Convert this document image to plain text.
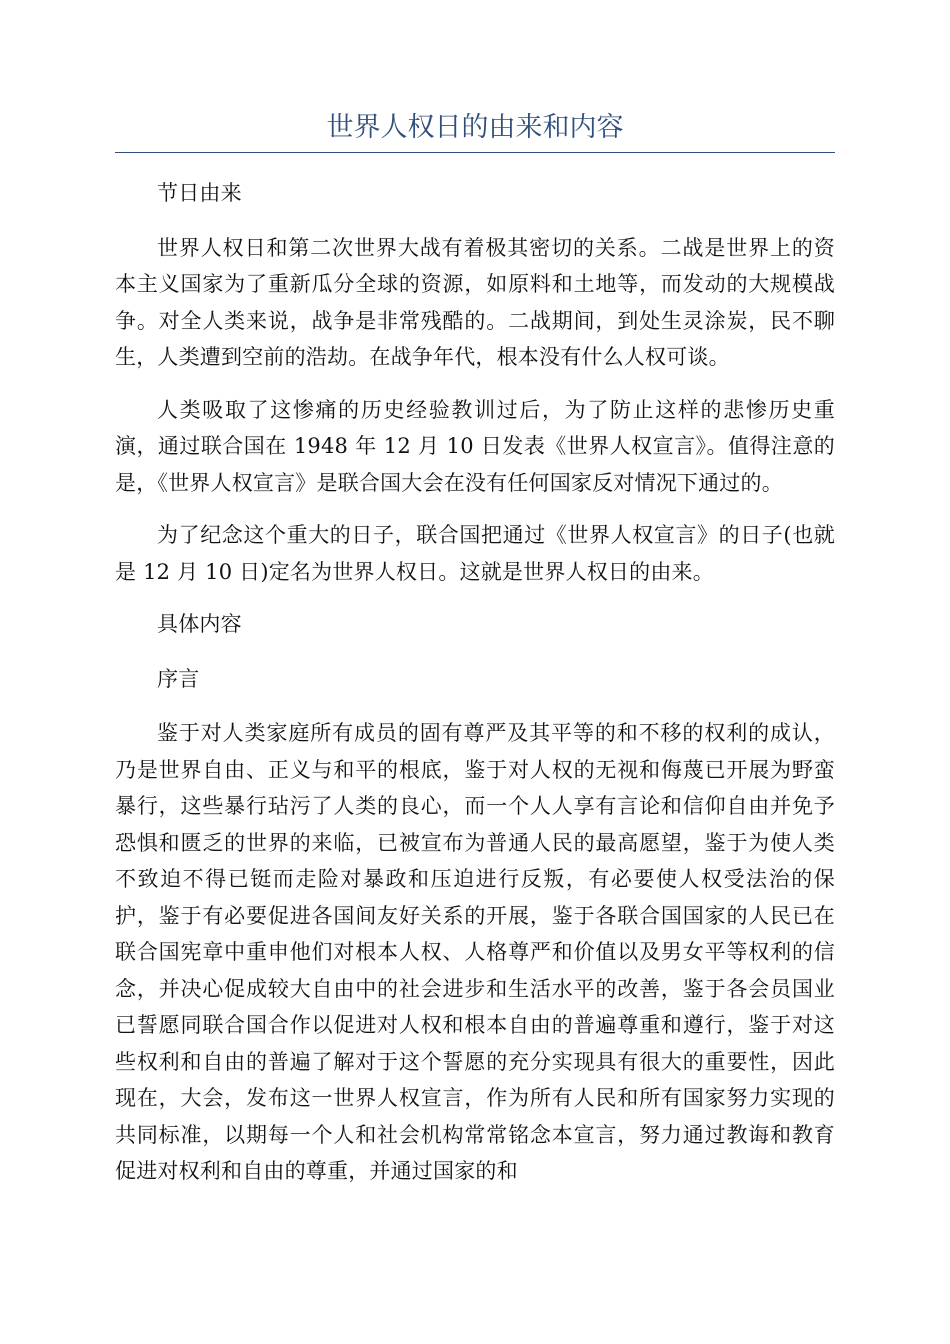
世界人权日的由来和内容

节日由来

世界人权日和第二次世界大战有着极其密切的关系。二战是世界上的资本主义国家为了重新瓜分全球的资源，如原料和土地等，而发动的大规模战争。对全人类来说，战争是非常残酷的。二战期间，到处生灵涂炭，民不聊生，人类遭到空前的浩劫。在战争年代，根本没有什么人权可谈。

人类吸取了这惨痛的历史经验教训过后，为了防止这样的悲惨历史重演，通过联合国在 1948 年 12 月 10 日发表《世界人权宣言》。值得注意的是，《世界人权宣言》是联合国大会在没有任何国家反对情况下通过的。

为了纪念这个重大的日子，联合国把通过《世界人权宣言》的日子(也就是 12 月 10 日)定名为世界人权日。这就是世界人权日的由来。

具体内容

序言

鉴于对人类家庭所有成员的固有尊严及其平等的和不移的权利的成认，乃是世界自由、正义与和平的根底，鉴于对人权的无视和侮蔑已开展为野蛮暴行，这些暴行玷污了人类的良心，而一个人人享有言论和信仰自由并免予恐惧和匮乏的世界的来临，已被宣布为普通人民的最高愿望，鉴于为使人类不致迫不得已铤而走险对暴政和压迫进行反叛，有必要使人权受法治的保护，鉴于有必要促进各国间友好关系的开展，鉴于各联合国国家的人民已在联合国宪章中重申他们对根本人权、人格尊严和价值以及男女平等权利的信念，并决心促成较大自由中的社会进步和生活水平的改善，鉴于各会员国业已誓愿同联合国合作以促进对人权和根本自由的普遍尊重和遵行，鉴于对这些权利和自由的普遍了解对于这个誓愿的充分实现具有很大的重要性，因此现在，大会，发布这一世界人权宣言，作为所有人民和所有国家努力实现的共同标准，以期每一个人和社会机构常常铭念本宣言，努力通过教诲和教育促进对权利和自由的尊重，并通过国家的和
